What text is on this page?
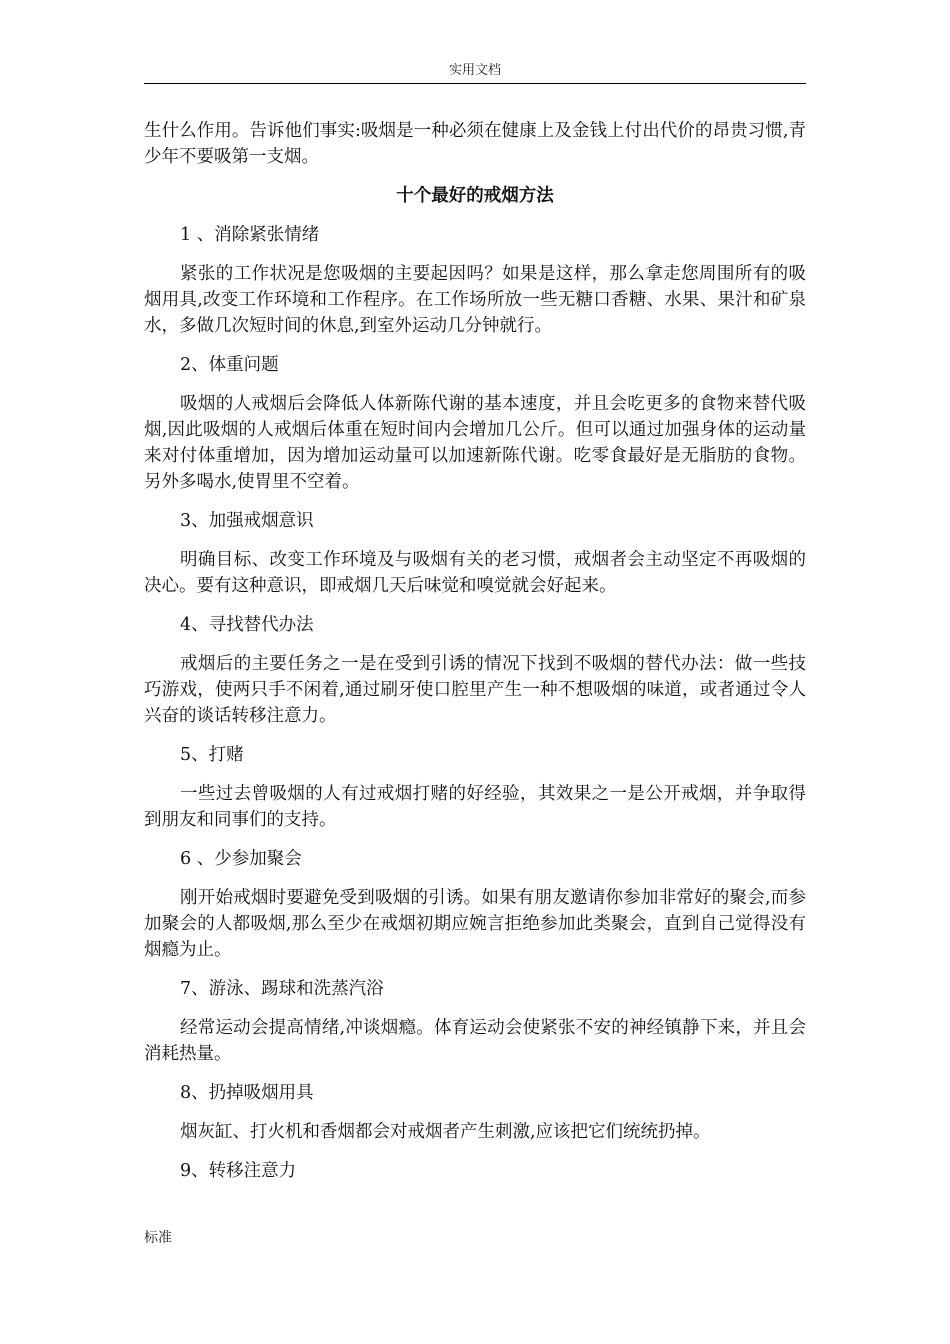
实用文档

生什么作用。告诉他们事实:吸烟是一种必须在健康上及金钱上付出代价的昂贵习惯,青少年不要吸第一支烟。

十个最好的戒烟方法

1 、消除紧张情绪

紧张的工作状况是您吸烟的主要起因吗？如果是这样，那么拿走您周围所有的吸烟用具,改变工作环境和工作程序。在工作场所放一些无糖口香糖、水果、果汁和矿泉水，多做几次短时间的休息,到室外运动几分钟就行。

2、体重问题

吸烟的人戒烟后会降低人体新陈代谢的基本速度，并且会吃更多的食物来替代吸烟,因此吸烟的人戒烟后体重在短时间内会增加几公斤。但可以通过加强身体的运动量来对付体重增加，因为增加运动量可以加速新陈代谢。吃零食最好是无脂肪的食物。另外多喝水,使胃里不空着。

3、加强戒烟意识

明确目标、改变工作环境及与吸烟有关的老习惯，戒烟者会主动坚定不再吸烟的决心。要有这种意识，即戒烟几天后味觉和嗅觉就会好起来。

4、寻找替代办法

戒烟后的主要任务之一是在受到引诱的情况下找到不吸烟的替代办法：做一些技巧游戏，使两只手不闲着,通过刷牙使口腔里产生一种不想吸烟的味道，或者通过令人兴奋的谈话转移注意力。

5、打赌

一些过去曾吸烟的人有过戒烟打赌的好经验，其效果之一是公开戒烟，并争取得到朋友和同事们的支持。

6 、少参加聚会

刚开始戒烟时要避免受到吸烟的引诱。如果有朋友邀请你参加非常好的聚会,而参加聚会的人都吸烟,那么至少在戒烟初期应婉言拒绝参加此类聚会，直到自己觉得没有烟瘾为止。

7、游泳、踢球和洗蒸汽浴

经常运动会提高情绪,冲谈烟瘾。体育运动会使紧张不安的神经镇静下来，并且会消耗热量。

8、扔掉吸烟用具

烟灰缸、打火机和香烟都会对戒烟者产生刺激,应该把它们统统扔掉。

9、转移注意力

标准
